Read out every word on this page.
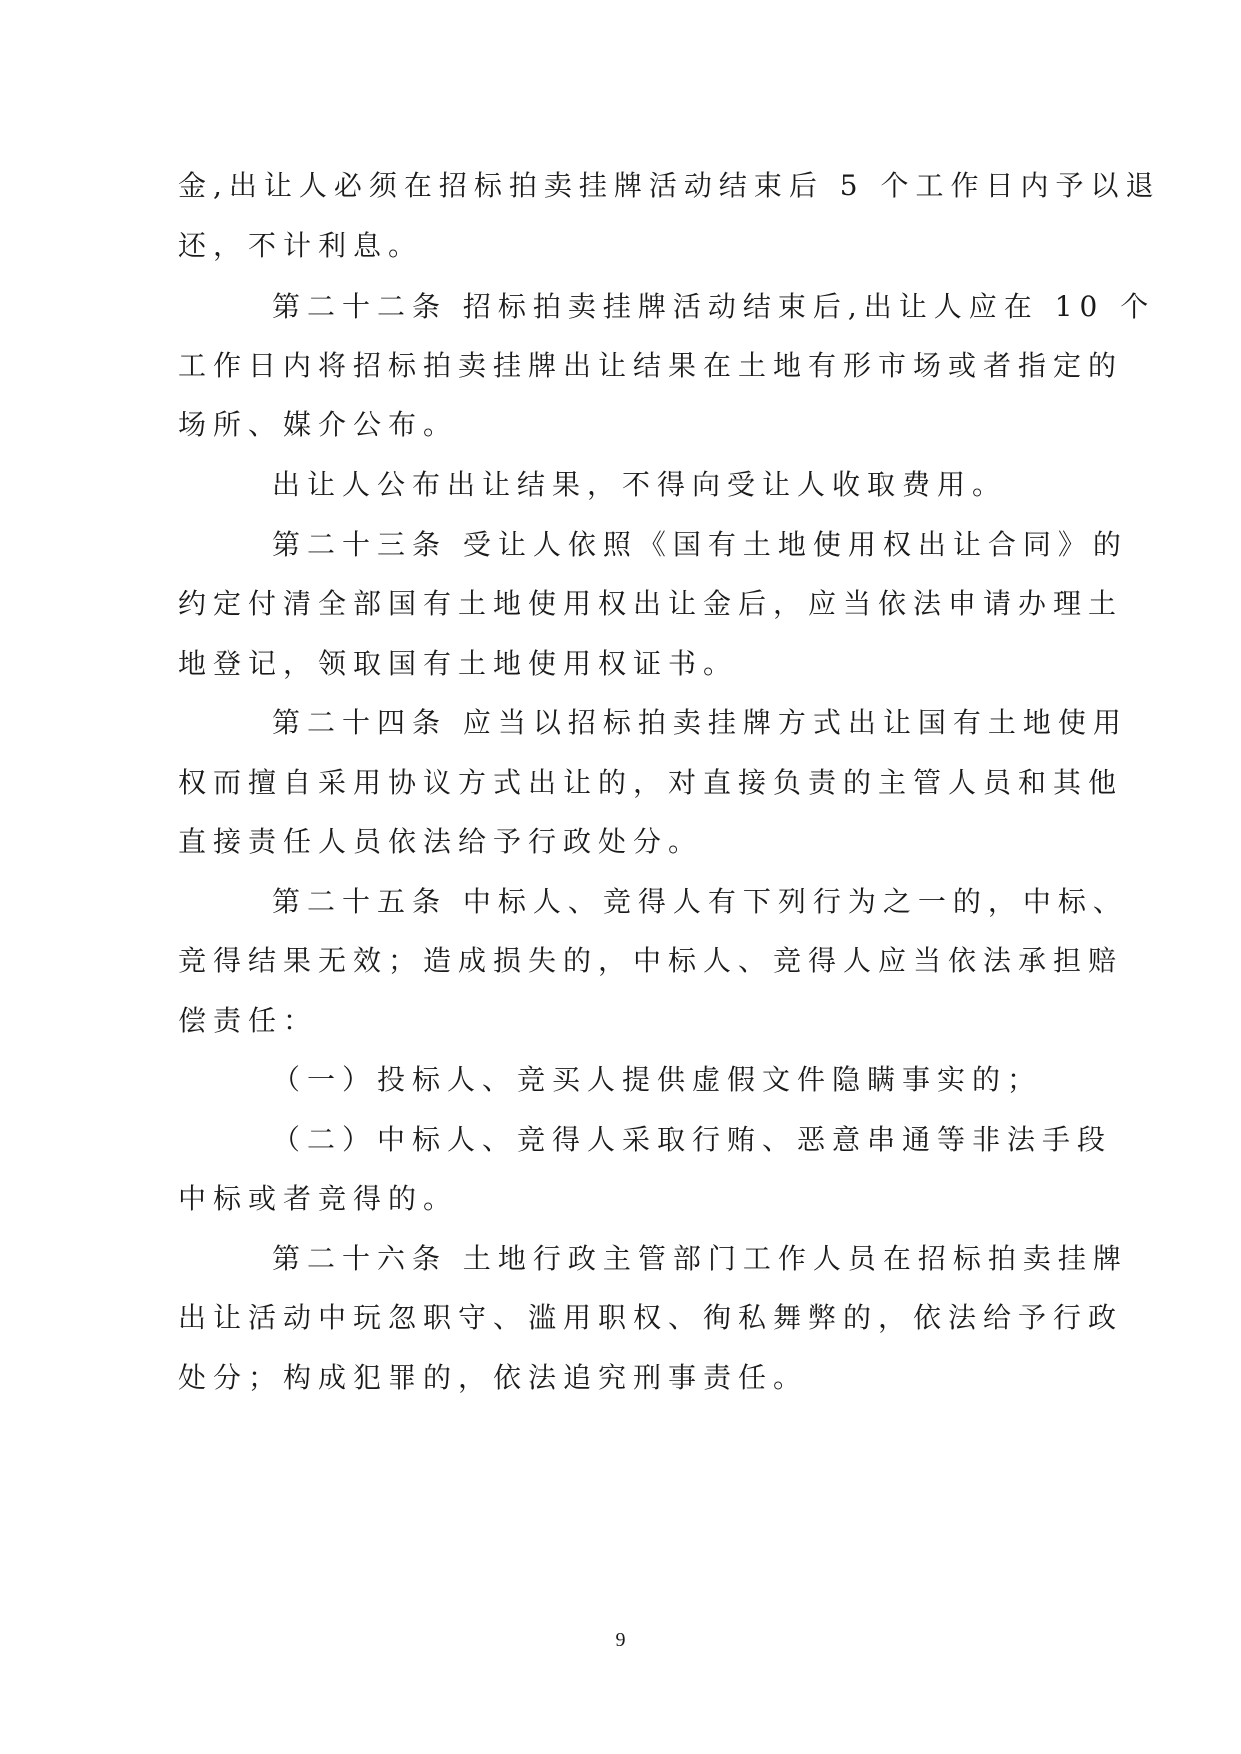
金,出让人必须在招标拍卖挂牌活动结束后 5 个工作日内予以退
还，不计利息。
第二十二条 招标拍卖挂牌活动结束后,出让人应在 10 个
工作日内将招标拍卖挂牌出让结果在土地有形市场或者指定的
场所、媒介公布。
出让人公布出让结果，不得向受让人收取费用。
第二十三条 受让人依照《国有土地使用权出让合同》的
约定付清全部国有土地使用权出让金后，应当依法申请办理土
地登记，领取国有土地使用权证书。
第二十四条 应当以招标拍卖挂牌方式出让国有土地使用
权而擅自采用协议方式出让的，对直接负责的主管人员和其他
直接责任人员依法给予行政处分。
第二十五条 中标人、竞得人有下列行为之一的，中标、
竞得结果无效；造成损失的，中标人、竞得人应当依法承担赔
偿责任：
（一）投标人、竞买人提供虚假文件隐瞒事实的；
（二）中标人、竞得人采取行贿、恶意串通等非法手段
中标或者竞得的。
第二十六条 土地行政主管部门工作人员在招标拍卖挂牌
出让活动中玩忽职守、滥用职权、徇私舞弊的，依法给予行政
处分；构成犯罪的，依法追究刑事责任。
9
